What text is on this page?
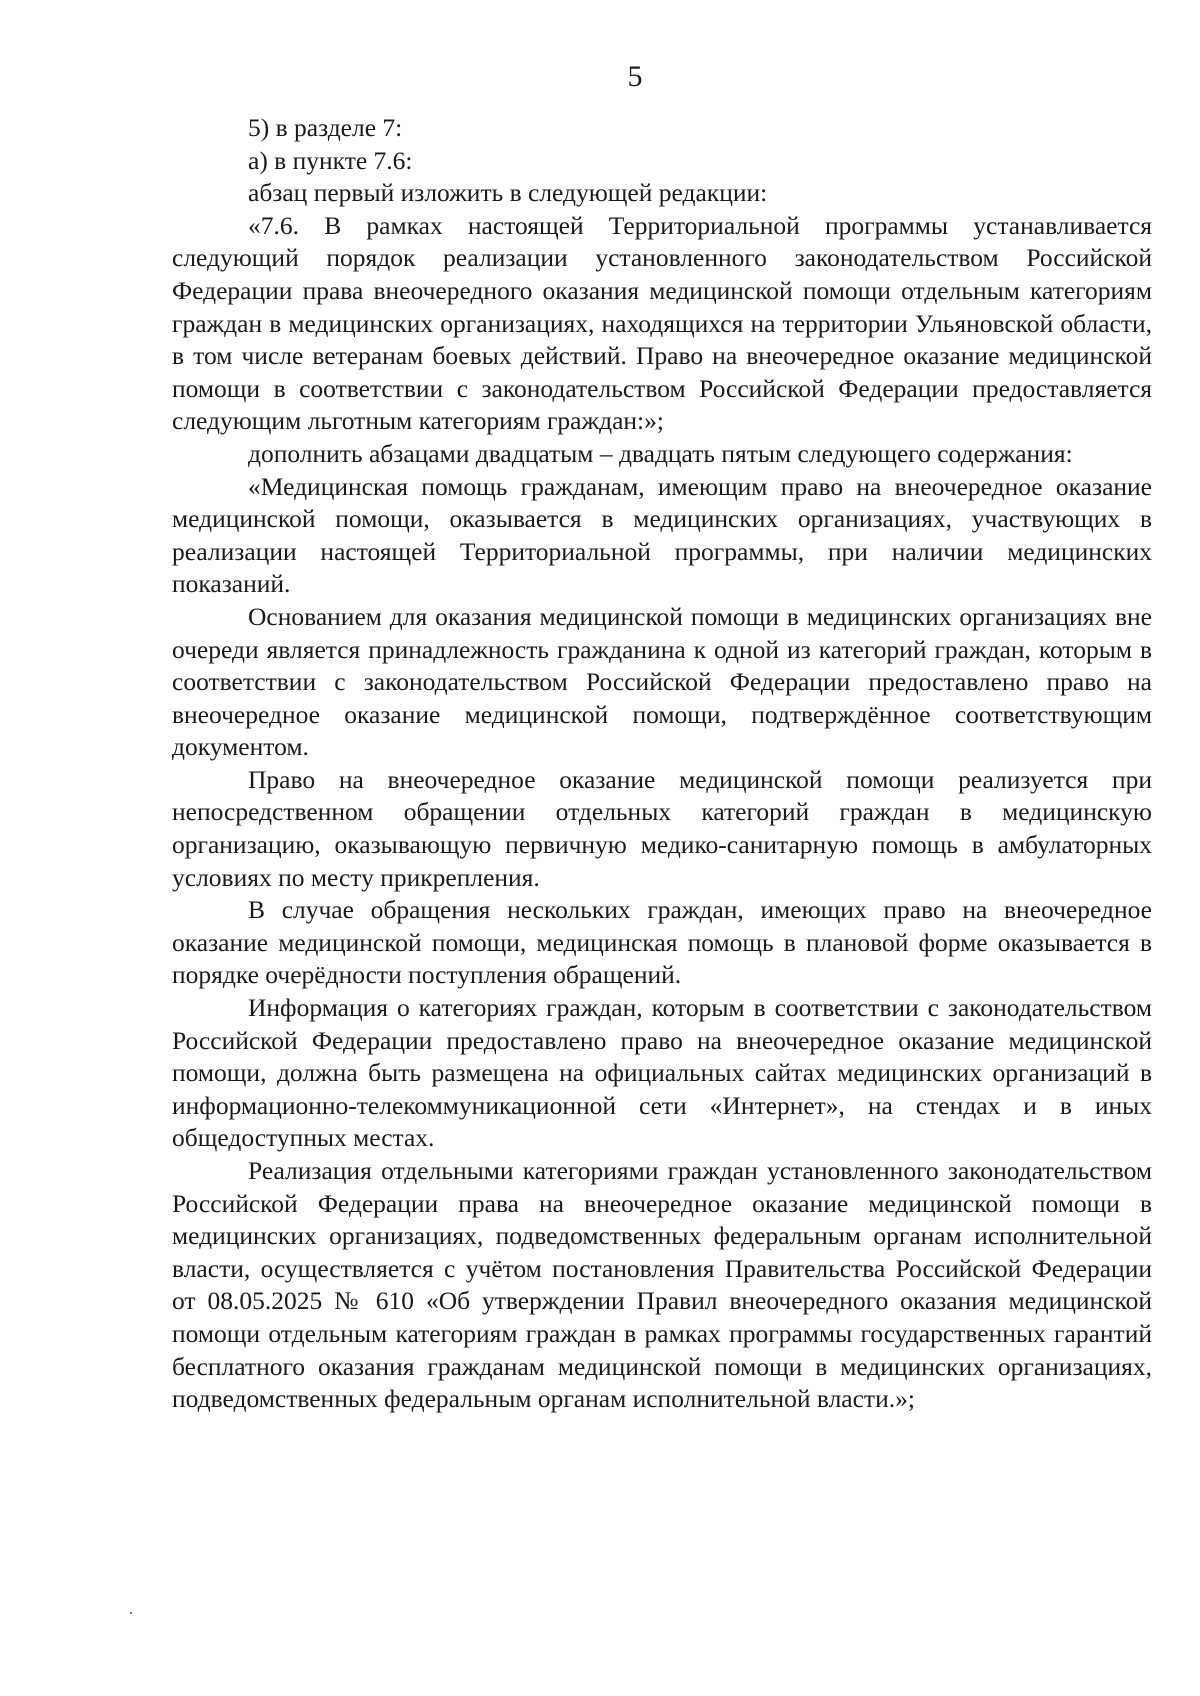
5

5) в разделе 7:

а) в пункте 7.6:

абзац первый изложить в следующей редакции:

«7.6. В рамках настоящей Территориальной программы устанавливается следующий порядок реализации установленного законодательством Российской Федерации права внеочередного оказания медицинской помощи отдельным категориям граждан в медицинских организациях, находящихся на территории Ульяновской области, в том числе ветеранам боевых действий. Право на внеочередное оказание медицинской помощи в соответствии с законодательством Российской Федерации предоставляется следующим льготным категориям граждан:»;

дополнить абзацами двадцатым – двадцать пятым следующего содержания:

«Медицинская помощь гражданам, имеющим право на внеочередное оказание медицинской помощи, оказывается в медицинских организациях, участвующих в реализации настоящей Территориальной программы, при наличии медицинских показаний.

Основанием для оказания медицинской помощи в медицинских организациях вне очереди является принадлежность гражданина к одной из категорий граждан, которым в соответствии с законодательством Российской Федерации предоставлено право на внеочередное оказание медицинской помощи, подтверждённое соответствующим документом.

Право на внеочередное оказание медицинской помощи реализуется при непосредственном обращении отдельных категорий граждан в медицинскую организацию, оказывающую первичную медико-санитарную помощь в амбулаторных условиях по месту прикрепления.

В случае обращения нескольких граждан, имеющих право на внеочередное оказание медицинской помощи, медицинская помощь в плановой форме оказывается в порядке очерёдности поступления обращений.

Информация о категориях граждан, которым в соответствии с законодательством Российской Федерации предоставлено право на внеочередное оказание медицинской помощи, должна быть размещена на официальных сайтах медицинских организаций в информационно-телекоммуникационной сети «Интернет», на стендах и в иных общедоступных местах.

Реализация отдельными категориями граждан установленного законодательством Российской Федерации права на внеочередное оказание медицинской помощи в медицинских организациях, подведомственных федеральным органам исполнительной власти, осуществляется с учётом постановления Правительства Российской Федерации от 08.05.2025 № 610 «Об утверждении Правил внеочередного оказания медицинской помощи отдельным категориям граждан в рамках программы государственных гарантий бесплатного оказания гражданам медицинской помощи в медицинских организациях, подведомственных федеральным органам исполнительной власти.»;
